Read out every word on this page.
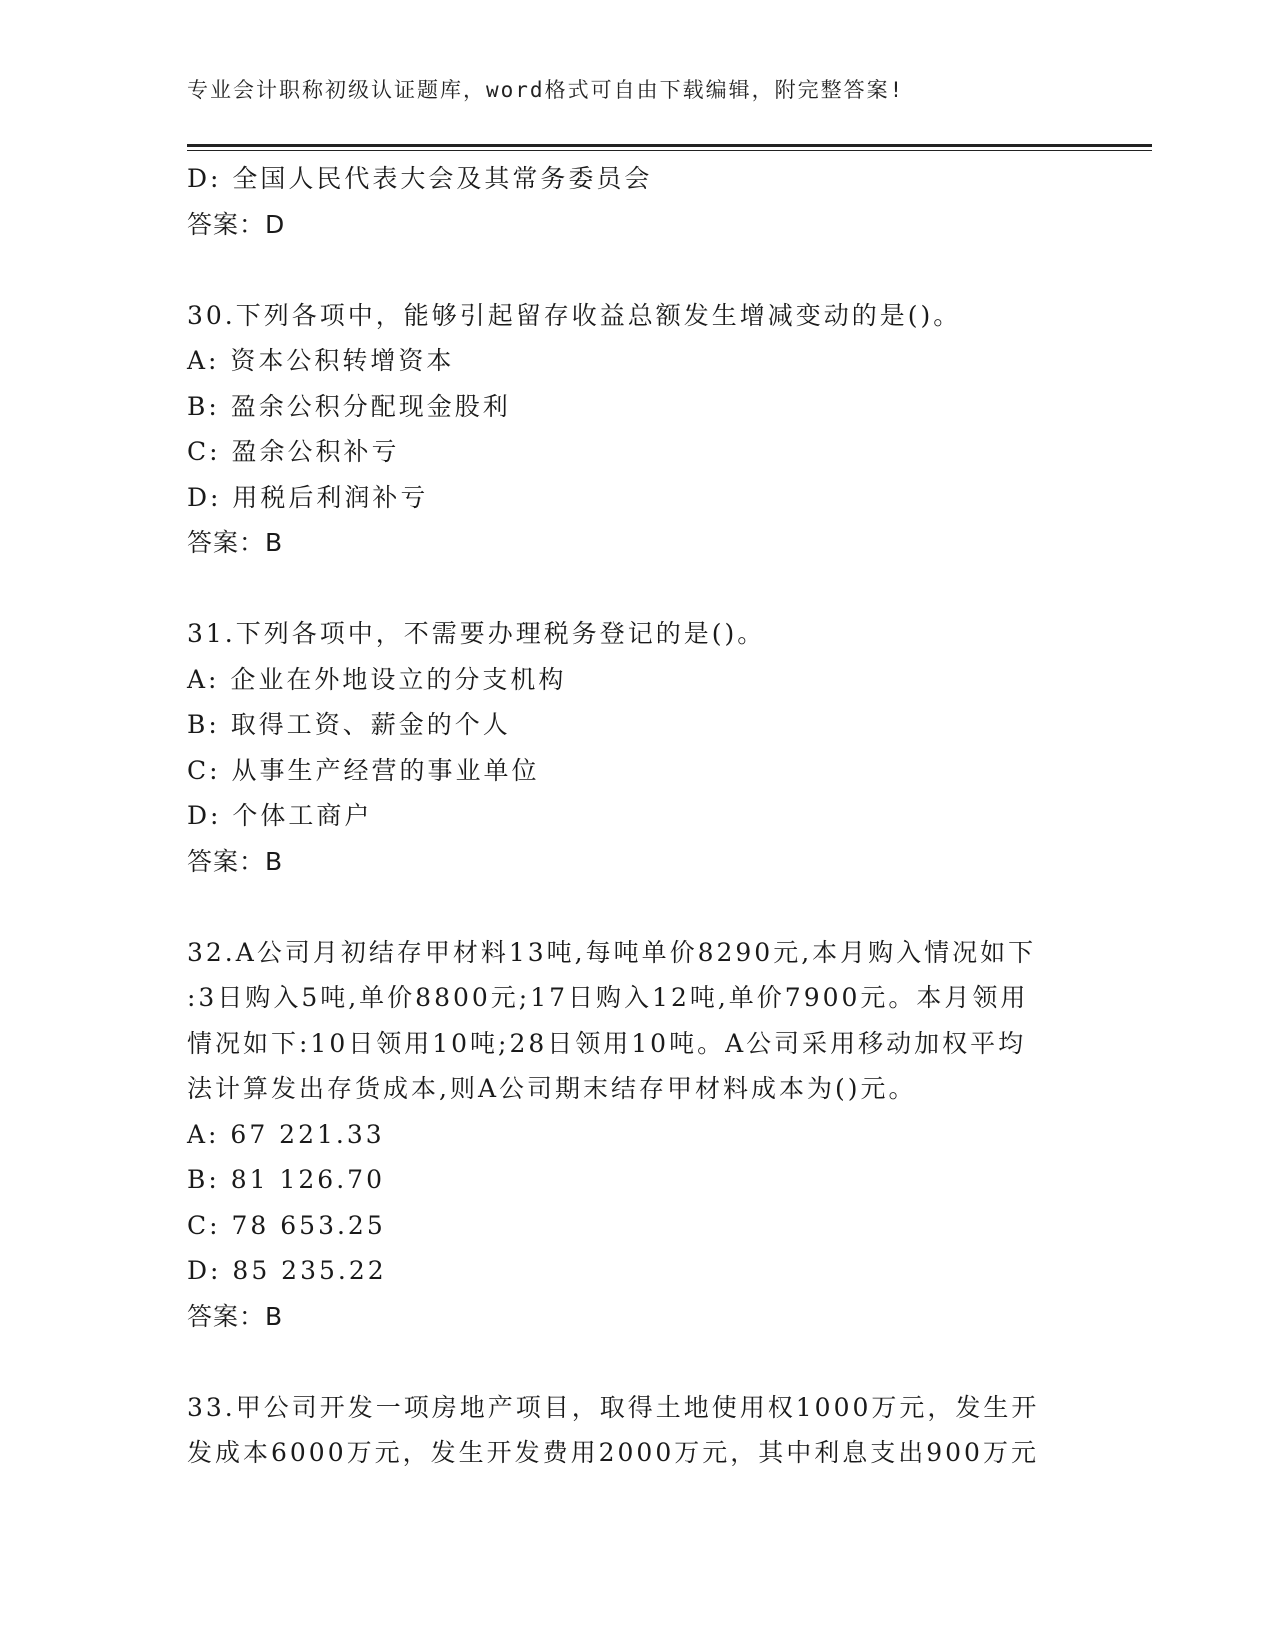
专业会计职称初级认证题库，word格式可自由下载编辑，附完整答案!
D: 全国人民代表大会及其常务委员会
答案：D
30.下列各项中，能够引起留存收益总额发生增减变动的是()。
A: 资本公积转增资本
B: 盈余公积分配现金股利
C: 盈余公积补亏
D: 用税后利润补亏
答案：B
31.下列各项中，不需要办理税务登记的是()。
A: 企业在外地设立的分支机构
B: 取得工资、薪金的个人
C: 从事生产经营的事业单位
D: 个体工商户
答案：B
32.A公司月初结存甲材料13吨,每吨单价8290元,本月购入情况如下
:3日购入5吨,单价8800元;17日购入12吨,单价7900元。本月领用
情况如下:10日领用10吨;28日领用10吨。A公司采用移动加权平均
法计算发出存货成本,则A公司期末结存甲材料成本为()元。
A: 67 221.33
B: 81 126.70
C: 78 653.25
D: 85 235.22
答案：B
33.甲公司开发一项房地产项目，取得土地使用权1000万元，发生开
发成本6000万元，发生开发费用2000万元，其中利息支出900万元
